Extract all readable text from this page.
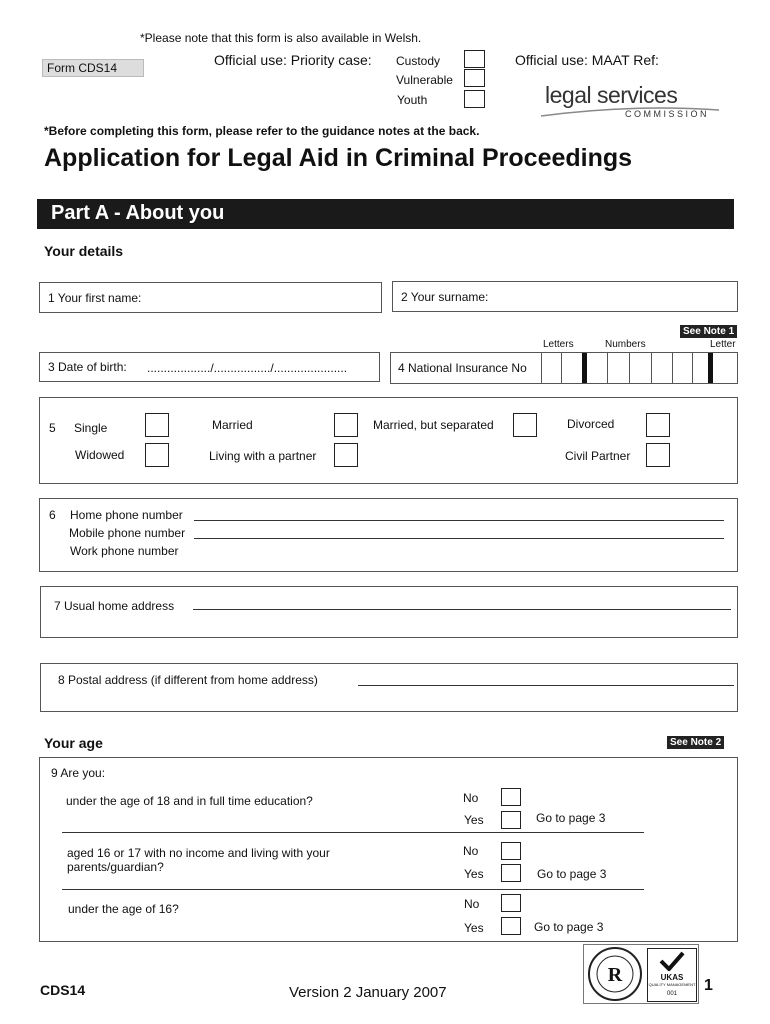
*Please note that this form is also available in Welsh.
Form CDS14	Official use: Priority case: Custody
Vulnerable
Youth
Official use: MAAT Ref:
legal services
COMMISSION
*Before completing this form, please refer to the guidance notes at the back.
Application for Legal Aid in Criminal Proceedings
Part A - About you
Your details
1 Your first name:	2 Your surname:
See Note 1
Letters	Numbers	Letter
3 Date of birth: .................../................./......................	4 National Insurance No
5 Single	Married	Married, but separated	Divorced
Widowed	Living with a partner	Civil Partner
6 Home phone number
Mobile phone number
Work phone number
7 Usual home address
8 Postal address (if different from home address)
Your age	See Note 2
9 Are you:
under the age of 18 and in full time education?	No
Yes	Go to page 3
aged 16 or 17 with no income and living with your parents/guardian?
No
Yes	Go to page 3
under the age of 16?	No
Yes	Go to page 3
CDS14	Version 2 January 2007
R	UKAS
QUALITY MANAGEMENT
001	1
